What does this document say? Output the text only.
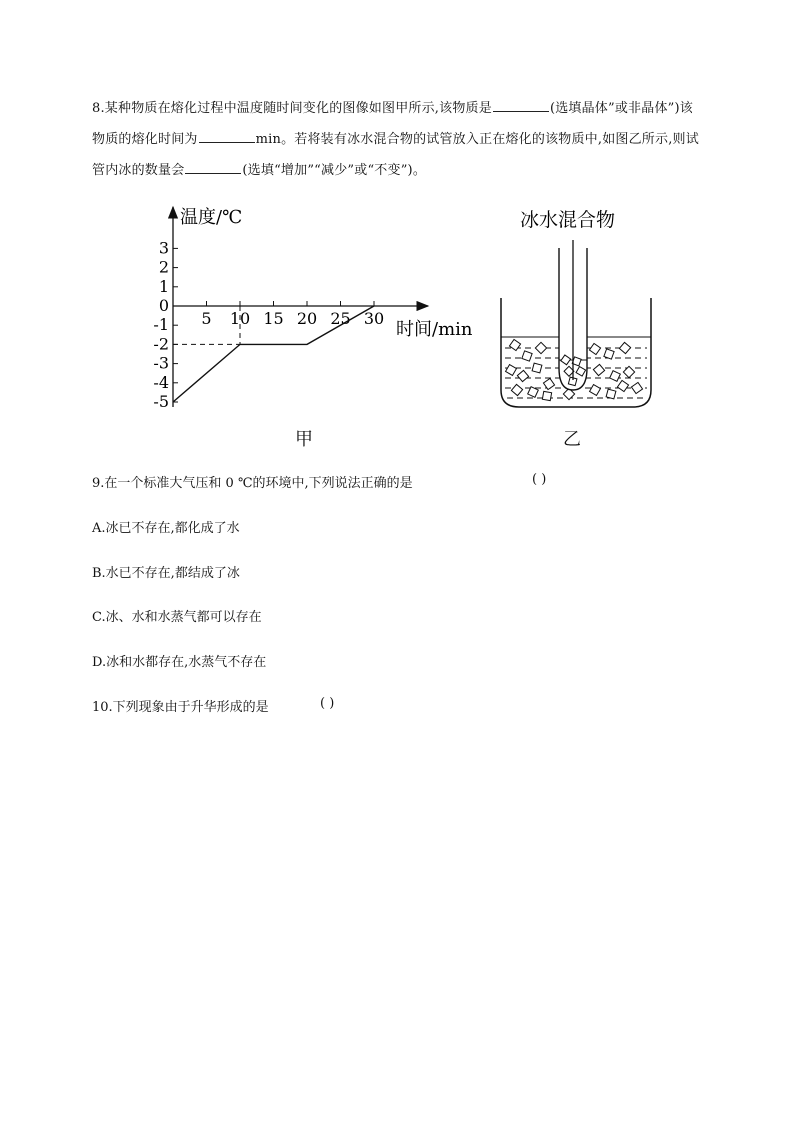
8.某种物质在熔化过程中温度随时间变化的图像如图甲所示,该物质是	(选填晶体”或非晶体”)该物质的熔化时间为	min。若将装有冰水混合物的试管放入正在熔化的该物质中,如图乙所示,则试管内冰的数量会	(选填“增加”“减少”或“不变”)。
温度/℃
时间/min
5 10 15 20 25 30
3
2
1
0
-1
-2
-3
-4
-5
甲
冰水混合物
乙
9.在一个标准大气压和 0 ℃的环境中,下列说法正确的是	( )
A.冰已不存在,都化成了水
B.水已不存在,都结成了冰
C.冰、水和水蒸气都可以存在
D.冰和水都存在,水蒸气不存在
10.下列现象由于升华形成的是	( )
